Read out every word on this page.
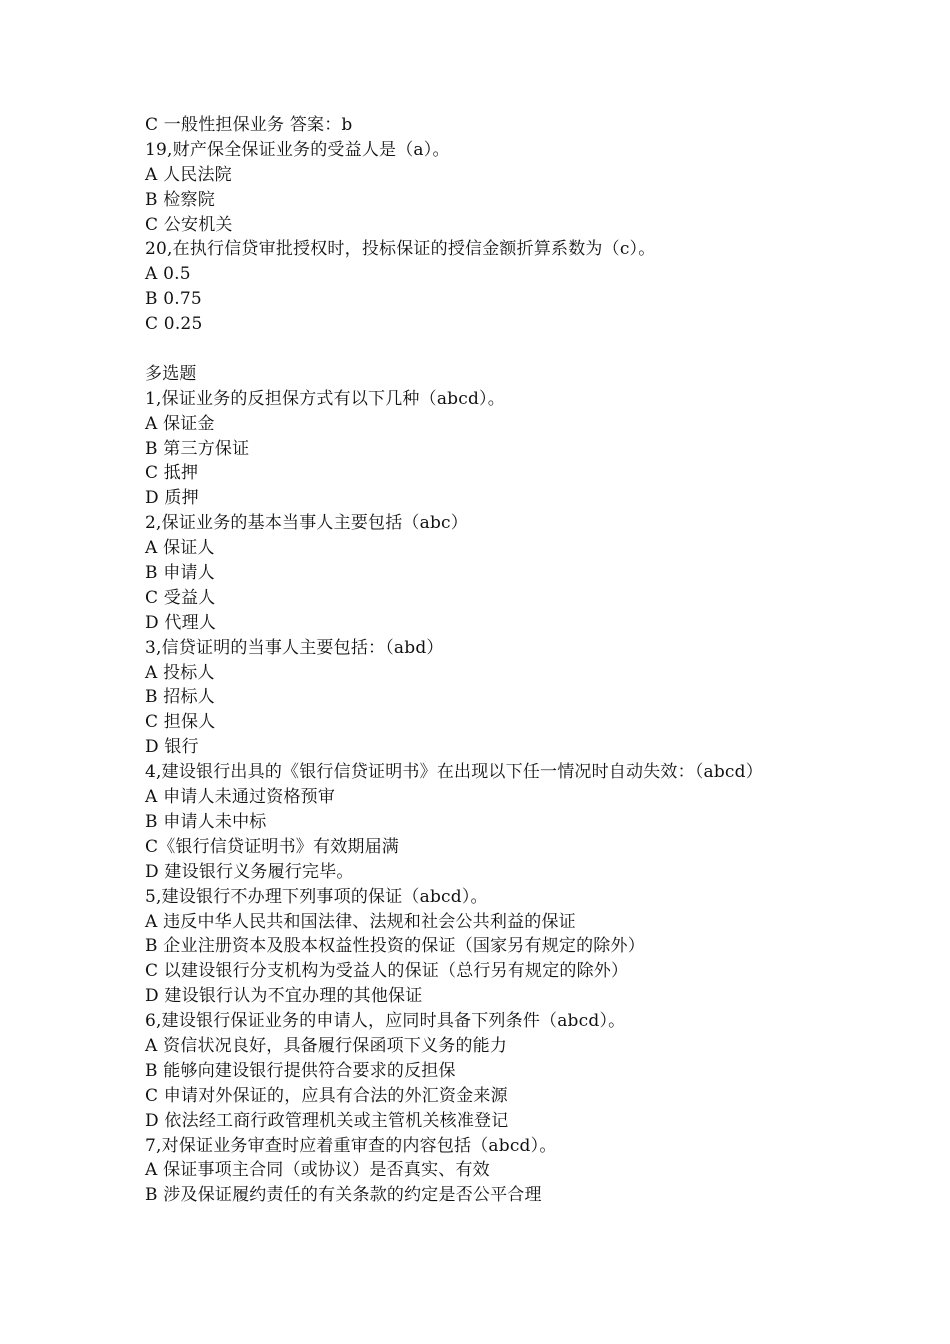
C 一般性担保业务 答案：b
19,财产保全保证业务的受益人是（a）。
A 人民法院
B 检察院
C 公安机关
20,在执行信贷审批授权时，投标保证的授信金额折算系数为（c）。
A 0.5
B 0.75
C 0.25
多选题
1,保证业务的反担保方式有以下几种（abcd）。
A 保证金
B 第三方保证
C 抵押
D 质押
2,保证业务的基本当事人主要包括（abc）
A 保证人
B 申请人
C 受益人
D 代理人
3,信贷证明的当事人主要包括：（abd）
A 投标人
B 招标人
C 担保人
D 银行
4,建设银行出具的《银行信贷证明书》在出现以下任一情况时自动失效：（abcd）
A 申请人未通过资格预审
B 申请人未中标
C《银行信贷证明书》有效期届满
D 建设银行义务履行完毕。
5,建设银行不办理下列事项的保证（abcd）。
A 违反中华人民共和国法律、法规和社会公共利益的保证
B 企业注册资本及股本权益性投资的保证（国家另有规定的除外）
C 以建设银行分支机构为受益人的保证（总行另有规定的除外）
D 建设银行认为不宜办理的其他保证
6,建设银行保证业务的申请人，应同时具备下列条件（abcd）。
A 资信状况良好，具备履行保函项下义务的能力
B 能够向建设银行提供符合要求的反担保
C 申请对外保证的，应具有合法的外汇资金来源
D 依法经工商行政管理机关或主管机关核准登记
7,对保证业务审查时应着重审查的内容包括（abcd）。
A 保证事项主合同（或协议）是否真实、有效
B 涉及保证履约责任的有关条款的约定是否公平合理
